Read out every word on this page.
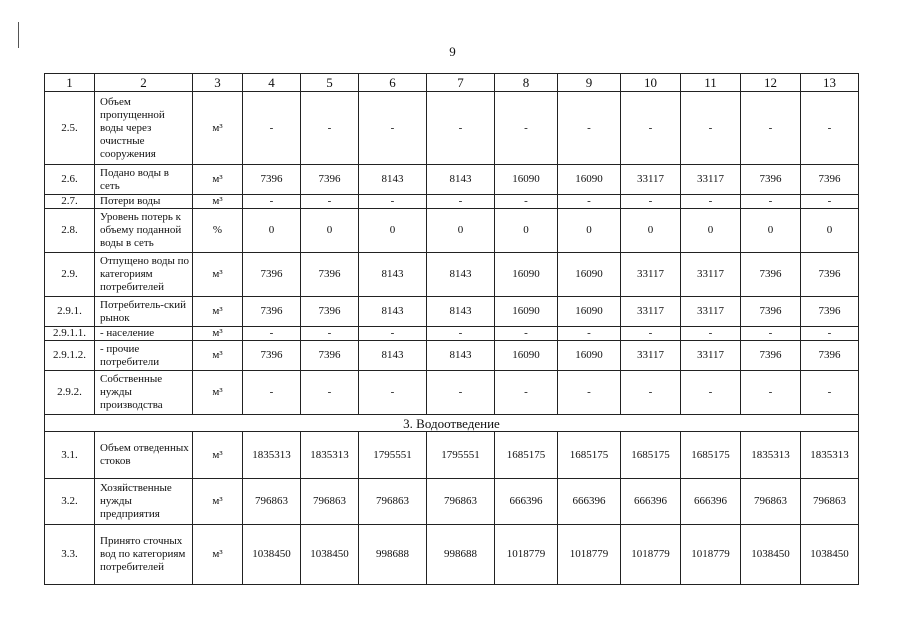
9
1	2	3	4	5	6	7	8	9	10	11	12	13
2.5.	Объем пропущенной воды через очистные сооружения	м³	-	-	-	-	-	-	-	-	-	-
2.6.	Подано воды в сеть	м³	7396	7396	8143	8143	16090	16090	33117	33117	7396	7396
2.7.	Потери воды	м³	-	-	-	-	-	-	-	-	-	-
2.8.	Уровень потерь к объему поданной воды в сеть	%	0	0	0	0	0	0	0	0	0	0
2.9.	Отпущено воды по категориям потребителей	м³	7396	7396	8143	8143	16090	16090	33117	33117	7396	7396
2.9.1.	Потребитель-ский рынок	м³	7396	7396	8143	8143	16090	16090	33117	33117	7396	7396
2.9.1.1.	- население	м³	-	-	-	-	-	-	-	-	-	-
2.9.1.2.	- прочие потребители	м³	7396	7396	8143	8143	16090	16090	33117	33117	7396	7396
2.9.2.	Собственные нужды производства	м³	-	-	-	-	-	-	-	-	-	-
3. Водоотведение												
3.1.	Объем отведенных стоков	м³	1835313	1835313	1795551	1795551	1685175	1685175	1685175	1685175	1835313	1835313
3.2.	Хозяйственные нужды предприятия	м³	796863	796863	796863	796863	666396	666396	666396	666396	796863	796863
3.3.	Принято сточных вод по категориям потребителей	м³	1038450	1038450	998688	998688	1018779	1018779	1018779	1018779	1038450	1038450
